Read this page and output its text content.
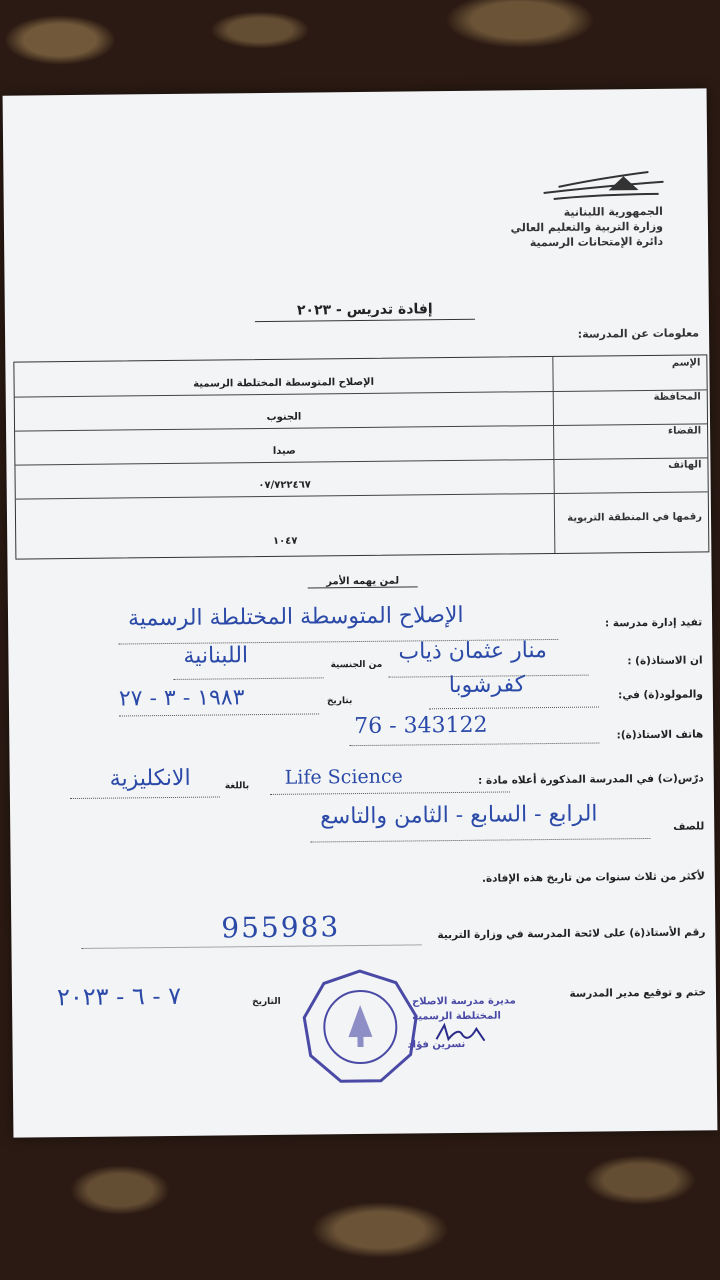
الجمهورية اللبنانية
وزارة التربية والتعليم العالي
دائرة الإمتحانات الرسمية
إفادة تدريس - ٢٠٢٣
معلومات عن المدرسة:
الإسم
الإصلاح المتوسطة المختلطة الرسمية
المحافظة
الجنوب
القضاء
صيدا
الهاتف
٠٧/٧٢٢٤٦٧
رقمها في المنطقة التربوية
١٠٤٧
لمن يهمه الأمر
تفيد إدارة مدرسة :
الإصلاح المتوسطة المختلطة الرسمية
ان الاستاذ(ة) :
منار عثمان ذياب
من الجنسية
اللبنانية
والمولود(ة) في:
كفرشوبا
بتاريخ
١٩٨٣ - ٣ - ٢٧
هاتف الاستاذ(ة):
76 - 343122
درّس(ت) في المدرسة المذكورة أعلاه مادة :
Life Science
باللغة
الانكليزية
للصف
الرابع - السابع - الثامن والتاسع
لأكثر من ثلاث سنوات من تاريخ هذه الإفادة.
رقم الأستاذ(ة) على لائحة المدرسة في وزارة التربية
955983
ختم و توقيع مدير المدرسة
التاريخ
٧ - ٦ - ٢٠٢٣	مديرة مدرسة الاصلاح
المختلطة الرسمية
نسرين فؤاد
